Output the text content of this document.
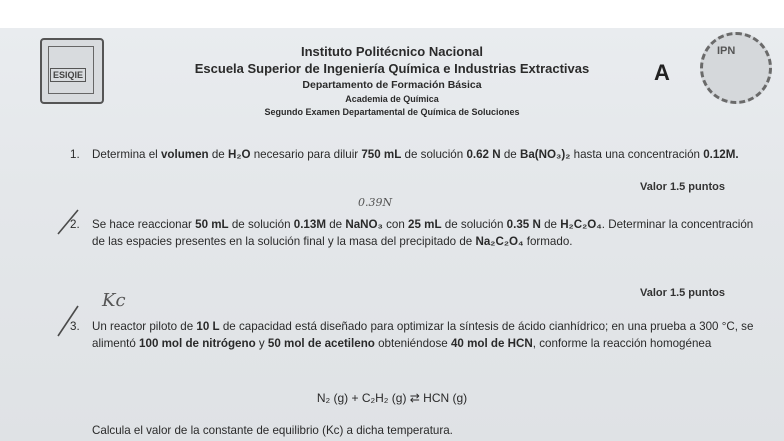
ESIQIE
IPN
Instituto Politécnico Nacional
Escuela Superior de Ingeniería Química e Industrias Extractivas
Departamento de Formación Básica
Academia de Química
Segundo Examen Departamental de Química de Soluciones
A
1. Determina el volumen de H₂O necesario para diluir 750 mL de solución 0.62 N de Ba(NO₃)₂ hasta una concentración 0.12M.
Valor 1.5 puntos
0.39N
2. Se hace reaccionar 50 mL de solución 0.13M de NaNO₃ con 25 mL de solución 0.35 N de H₂C₂O₄. Determinar la concentración de las espacies presentes en la solución final y la masa del precipitado de Na₂C₂O₄ formado.
Valor 1.5 puntos
Kc
3. Un reactor piloto de 10 L de capacidad está diseñado para optimizar la síntesis de ácido cianhídrico; en una prueba a 300 °C, se alimentó 100 mol de nitrógeno y 50 mol de acetileno obteniéndose 40 mol de HCN, conforme la reacción homogénea
N₂ (g) + C₂H₂ (g) ⇄ HCN (g)
Calcula el valor de la constante de equilibrio (Kc) a dicha temperatura.
